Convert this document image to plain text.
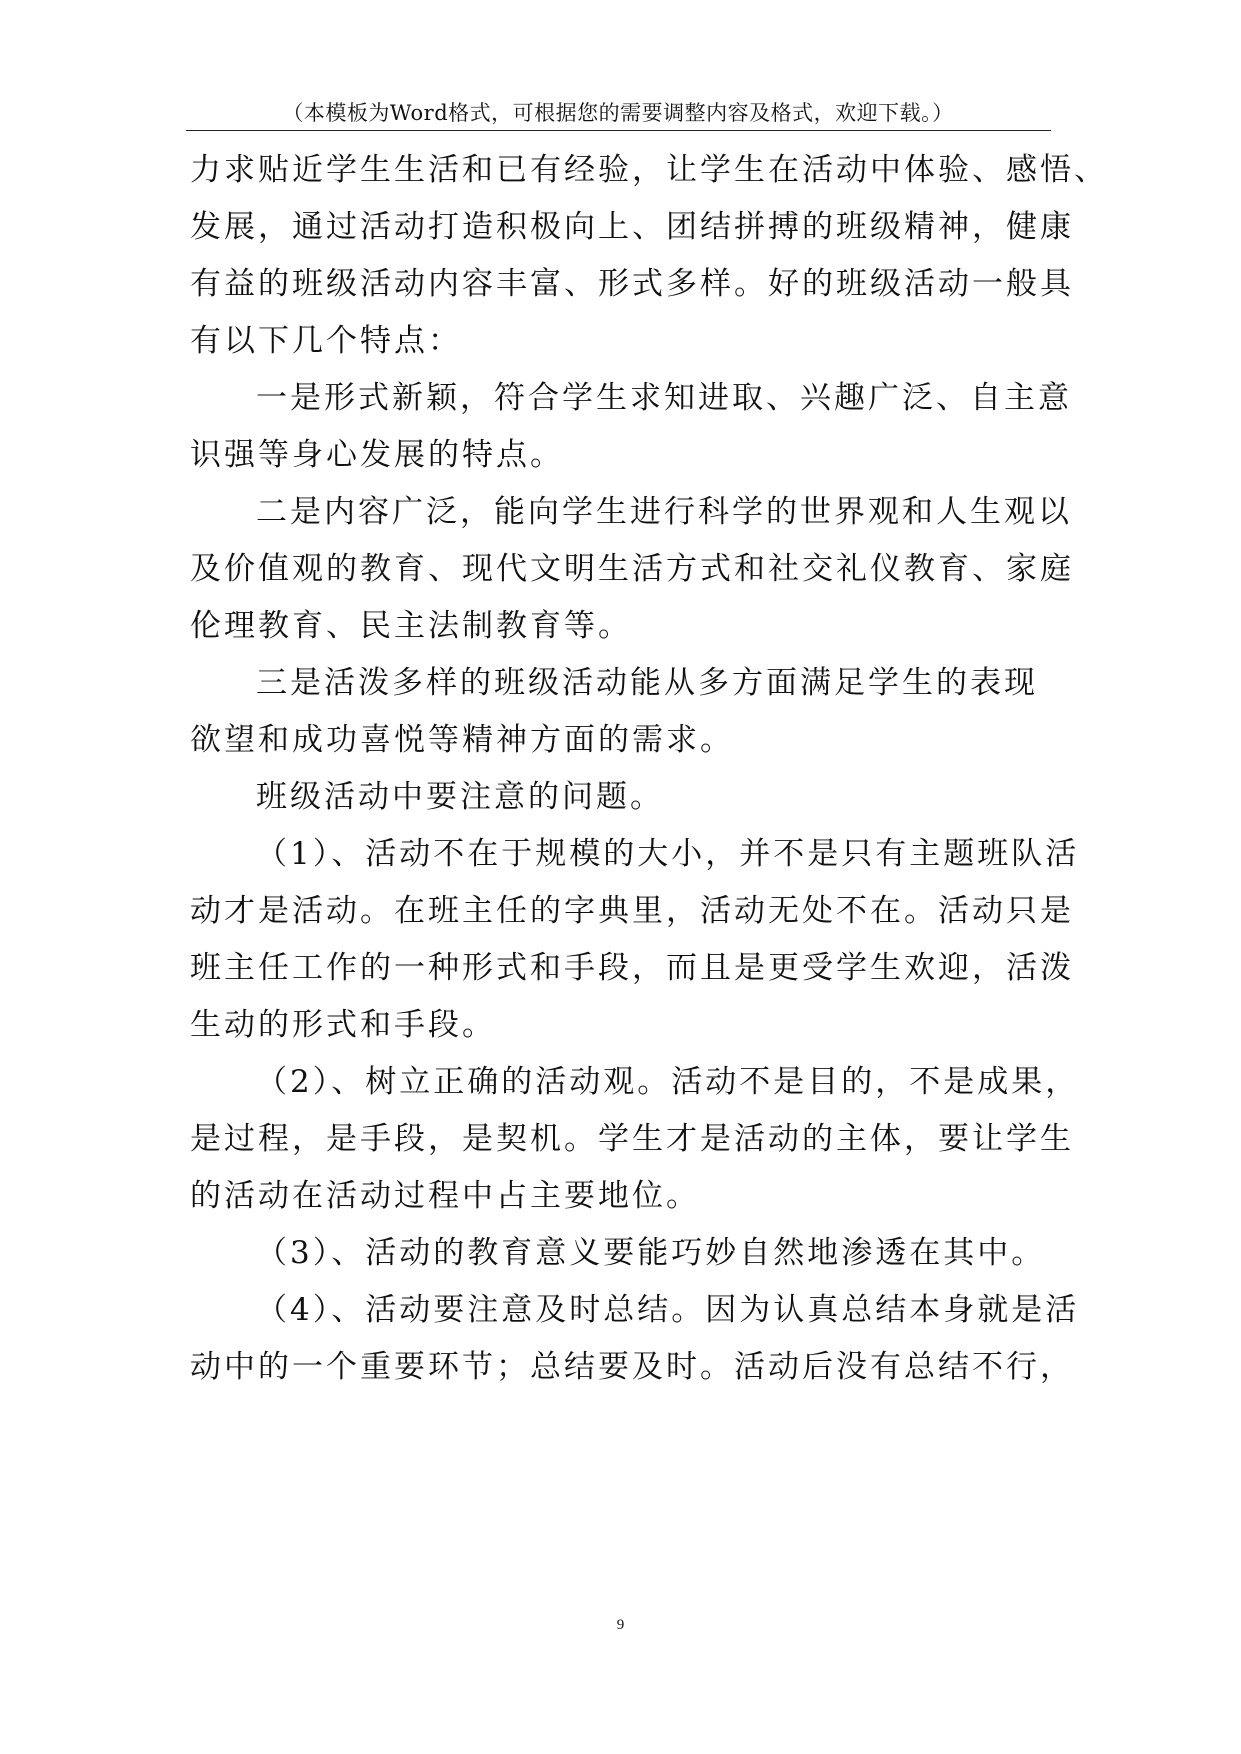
（本模板为Word格式，可根据您的需要调整内容及格式，欢迎下载。）
力求贴近学生生活和已有经验，让学生在活动中体验、感悟、
发展，通过活动打造积极向上、团结拼搏的班级精神，健康
有益的班级活动内容丰富、形式多样。好的班级活动一般具
有以下几个特点：
一是形式新颖，符合学生求知进取、兴趣广泛、自主意
识强等身心发展的特点。
二是内容广泛，能向学生进行科学的世界观和人生观以
及价值观的教育、现代文明生活方式和社交礼仪教育、家庭
伦理教育、民主法制教育等。
三是活泼多样的班级活动能从多方面满足学生的表现
欲望和成功喜悦等精神方面的需求。
班级活动中要注意的问题。
（1）、活动不在于规模的大小，并不是只有主题班队活
动才是活动。在班主任的字典里，活动无处不在。活动只是
班主任工作的一种形式和手段，而且是更受学生欢迎，活泼
生动的形式和手段。
（2）、树立正确的活动观。活动不是目的，不是成果，
是过程，是手段，是契机。学生才是活动的主体，要让学生
的活动在活动过程中占主要地位。
（3）、活动的教育意义要能巧妙自然地渗透在其中。
（4）、活动要注意及时总结。因为认真总结本身就是活
动中的一个重要环节；总结要及时。活动后没有总结不行，
9
